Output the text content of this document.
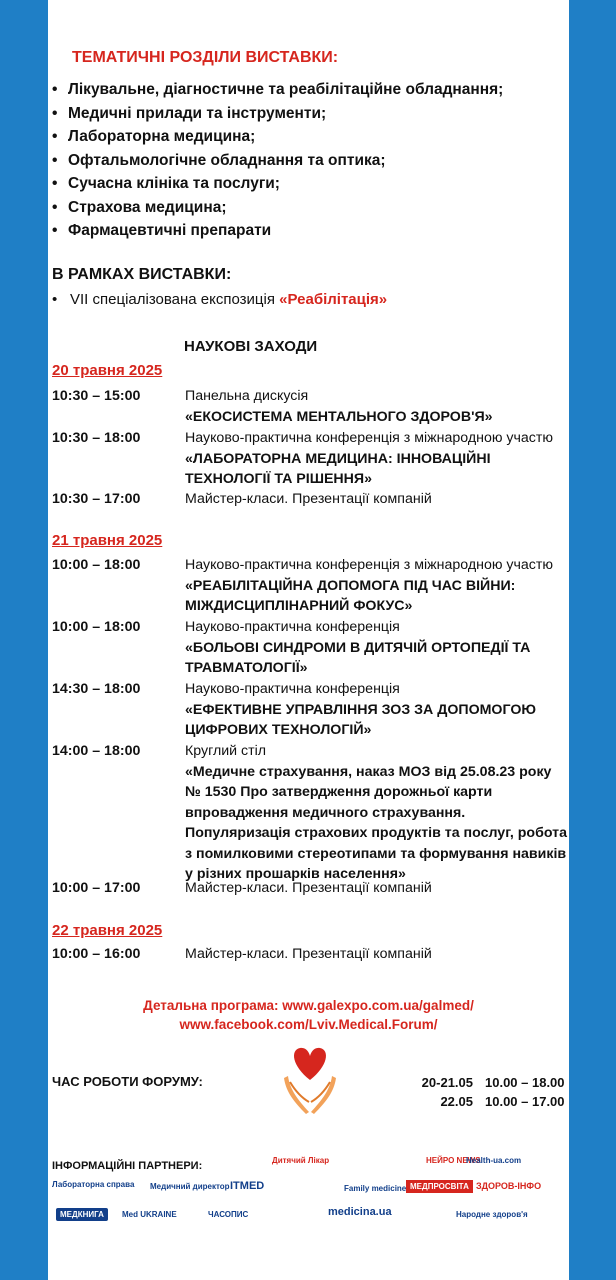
ТЕМАТИЧНІ РОЗДІЛИ ВИСТАВКИ:
• Лікувальне, діагностичне та реабілітаційне обладнання;
• Медичні прилади та інструменти;
• Лабораторна медицина;
• Офтальмологічне обладнання та оптика;
• Сучасна клініка та послуги;
• Страхова медицина;
• Фармацевтичні препарати
В РАМКАХ ВИСТАВКИ:
• VII спеціалізована експозиція «Реабілітація»
НАУКОВІ ЗАХОДИ
20 травня 2025
10:30 – 15:00	Панельна дискусія
«ЕКОСИСТЕМА МЕНТАЛЬНОГО ЗДОРОВ'Я»
10:30 – 18:00	Науково-практична конференція з міжнародною участю
«ЛАБОРАТОРНА МЕДИЦИНА: ІННОВАЦІЙНІ ТЕХНОЛОГІЇ ТА РІШЕННЯ»
10:30 – 17:00	Майстер-класи. Презентації компаній
21 травня 2025
10:00 – 18:00	Науково-практична конференція з міжнародною участю
«РЕАБІЛІТАЦІЙНА ДОПОМОГА ПІД ЧАС ВІЙНИ: МІЖДИСЦИПЛІНАРНИЙ ФОКУС»
10:00 – 18:00	Науково-практична конференція
«БОЛЬОВІ СИНДРОМИ В ДИТЯЧІЙ ОРТОПЕДІЇ ТА ТРАВМАТОЛОГІЇ»
14:30 – 18:00	Науково-практична конференція
«ЕФЕКТИВНЕ УПРАВЛІННЯ ЗОЗ ЗА ДОПОМОГОЮ ЦИФРОВИХ ТЕХНОЛОГІЙ»
14:00 – 18:00	Круглий стіл
«Медичне страхування, наказ МОЗ від 25.08.23 року № 1530 Про затвердження дорожньої карти впровадження медичного страхування. Популяризація страхових продуктів та послуг, робота з помилковими стереотипами та формування навиків у різних прошарків населення»
10:00 – 17:00	Майстер-класи. Презентації компаній
22 травня 2025
10:00 – 16:00	Майстер-класи. Презентації компаній
Детальна програма: www.galexpo.com.ua/galmed/
www.facebook.com/Lviv.Medical.Forum/
ЧАС РОБОТИ ФОРУМУ:	20-21.05 10.00 – 18.00
22.05 10.00 – 17.00
ІНФОРМАЦІЙНІ ПАРТНЕРИ:	Дитячий Лікар	НЕЙРО NEWS
Health-ua.com
Лабораторна справа Медичний директор ITMED	Family medicine МЕДПРОСВІТА ЗДОРОВ-ІНФО
МЕДКНИГА	Med UKRAINE	ЧАСОПИС	medicina.ua	Народне здоров'я
